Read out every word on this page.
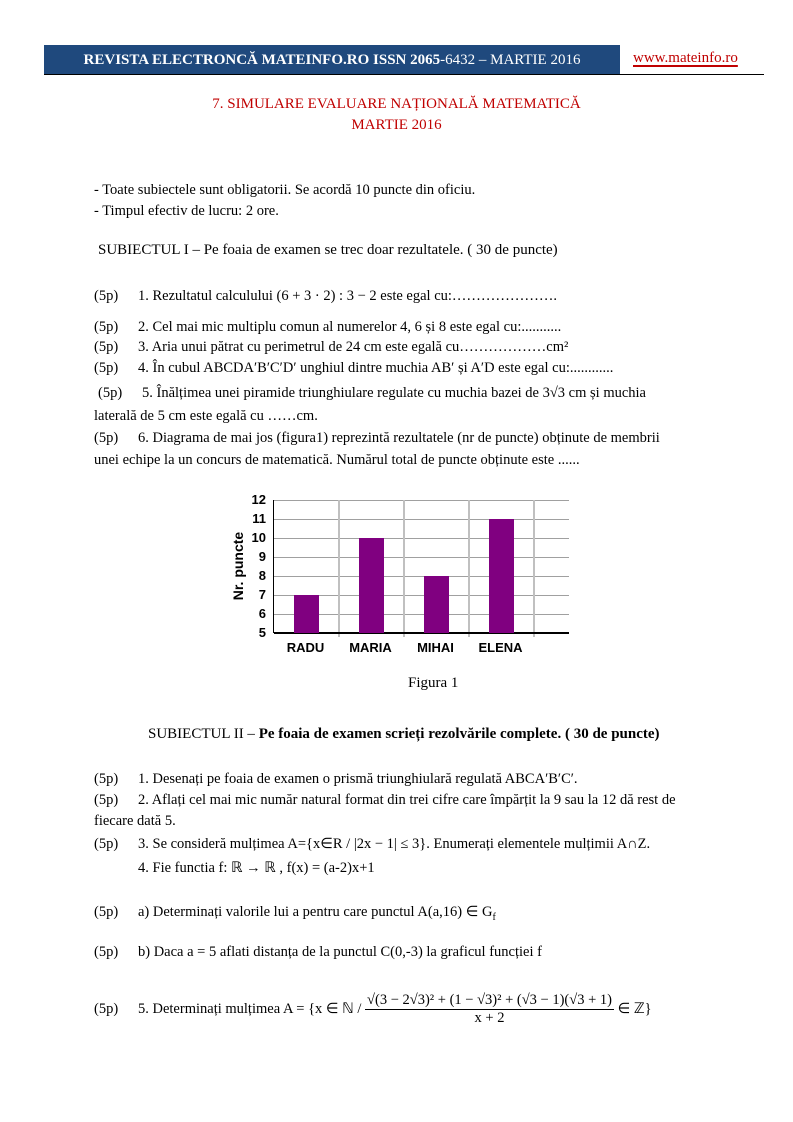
REVISTA ELECTRONCĂ MATEINFO.RO ISSN 2065-6432 – MARTIE 2016	www.mateinfo.ro
7. SIMULARE EVALUARE NAȚIONALĂ MATEMATICĂ
MARTIE 2016
- Toate subiectele sunt obligatorii. Se acordă 10 puncte din oficiu.
- Timpul efectiv de lucru: 2 ore.
SUBIECTUL I – Pe foaia de examen se trec doar rezultatele. ( 30 de puncte)
(5p) 1. Rezultatul calculului (6 + 3 · 2) : 3 − 2 este egal cu:………………….
(5p) 2. Cel mai mic multiplu comun al numerelor 4, 6 și 8 este egal cu:...........
(5p) 3. Aria unui pătrat cu perimetrul de 24 cm este egală cu………………cm²
(5p) 4. În cubul ABCDA′B′C′D′ unghiul dintre muchia AB′ și A′D este egal cu:............
(5p) 5. Înălțimea unei piramide triunghiulare regulate cu muchia bazei de 3√3 cm și muchia
laterală de 5 cm este egală cu ……cm.
(5p) 6. Diagrama de mai jos (figura1) reprezintă rezultatele (nr de puncte) obținute de membrii
unei echipe la un concurs de matematică. Numărul total de puncte obținute este ......
Nr. puncte
12
11
10
9
8
7
6
5
RADU	MARIA	MIHAI	ELENA
Figura 1
SUBIECTUL II – Pe foaia de examen scrieți rezolvările complete. ( 30 de puncte)
(5p) 1. Desenați pe foaia de examen o prismă triunghiulară regulată ABCA′B′C′.
(5p) 2. Aflați cel mai mic număr natural format din trei cifre care împărțit la 9 sau la 12 dă rest de
fiecare dată 5.
(5p) 3. Se consideră mulțimea A={x∈R / |2x − 1| ≤ 3}. Enumerați elementele mulțimii A∩Z.
4. Fie functia f: ℝ → ℝ , f(x) = (a-2)x+1
(5p) a) Determinați valorile lui a pentru care punctul A(a,16) ∈ $G_f$
(5p) b) Daca a = 5 aflati distanța de la punctul C(0,-3) la graficul funcției f
(5p) 5. Determinați mulțimea A = {x ∈ ℕ / $\frac{\text{√(3 − 2√3)² + (1 − √3)² + (√3 − 1)(√3 + 1)}}{x + 2}$ ∈ ℤ}
